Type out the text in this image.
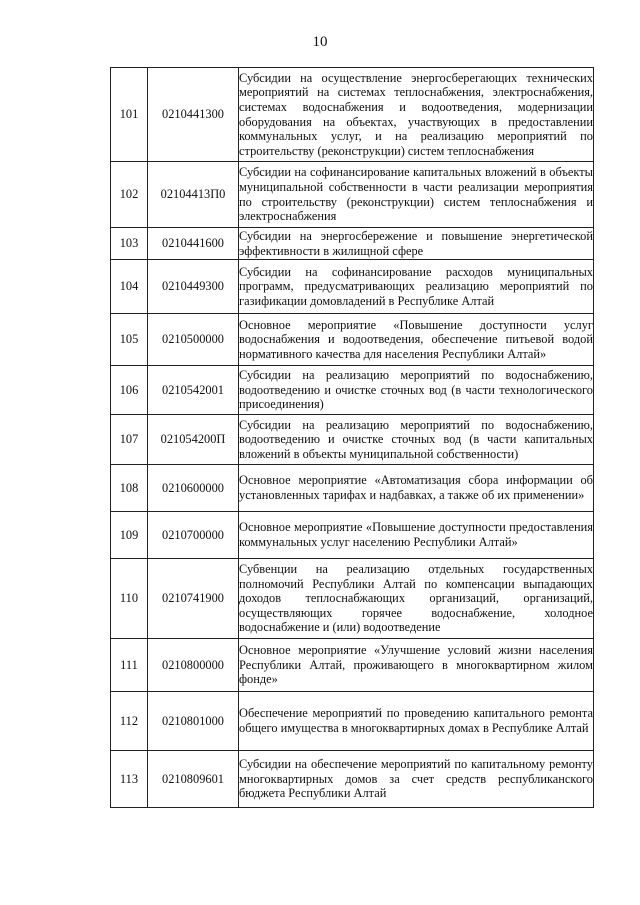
10
101	0210441300	Субсидии на осуществление энергосберегающих технических мероприятий на системах теплоснабжения, электроснабжения, системах водоснабжения и водоотведения, модернизации оборудования на объектах, участвующих в предоставлении коммунальных услуг, и на реализацию мероприятий по строительству (реконструкции) систем теплоснабжения
102	02104413П0	Субсидии на софинансирование капитальных вложений в объекты муниципальной собственности в части реализации мероприятия по строительству (реконструкции) систем теплоснабжения и электроснабжения
103	0210441600	Субсидии на энергосбережение и повышение энергетической эффективности в жилищной сфере
104	0210449300	Субсидии на софинансирование расходов муниципальных программ, предусматривающих реализацию мероприятий по газификации домовладений в Республике Алтай
105	0210500000	Основное мероприятие «Повышение доступности услуг водоснабжения и водоотведения, обеспечение питьевой водой нормативного качества для населения Республики Алтай»
106	0210542001	Субсидии на реализацию мероприятий по водоснабжению, водоотведению и очистке сточных вод (в части технологического присоединения)
107	021054200П	Субсидии на реализацию мероприятий по водоснабжению, водоотведению и очистке сточных вод (в части капитальных вложений в объекты муниципальной собственности)
108	0210600000	Основное мероприятие «Автоматизация сбора информации об установленных тарифах и надбавках, а также об их применении»
109	0210700000	Основное мероприятие «Повышение доступности предоставления коммунальных услуг населению Республики Алтай»
110	0210741900	Субвенции на реализацию отдельных государственных полномочий Республики Алтай по компенсации выпадающих доходов теплоснабжающих организаций, организаций, осуществляющих горячее водоснабжение, холодное водоснабжение и (или) водоотведение
111	0210800000	Основное мероприятие «Улучшение условий жизни населения Республики Алтай, проживающего в многоквартирном жилом фонде»
112	0210801000	Обеспечение мероприятий по проведению капитального ремонта общего имущества в многоквартирных домах в Республике Алтай
113	0210809601	Субсидии на обеспечение мероприятий по капитальному ремонту многоквартирных домов за счет средств республиканского бюджета Республики Алтай
